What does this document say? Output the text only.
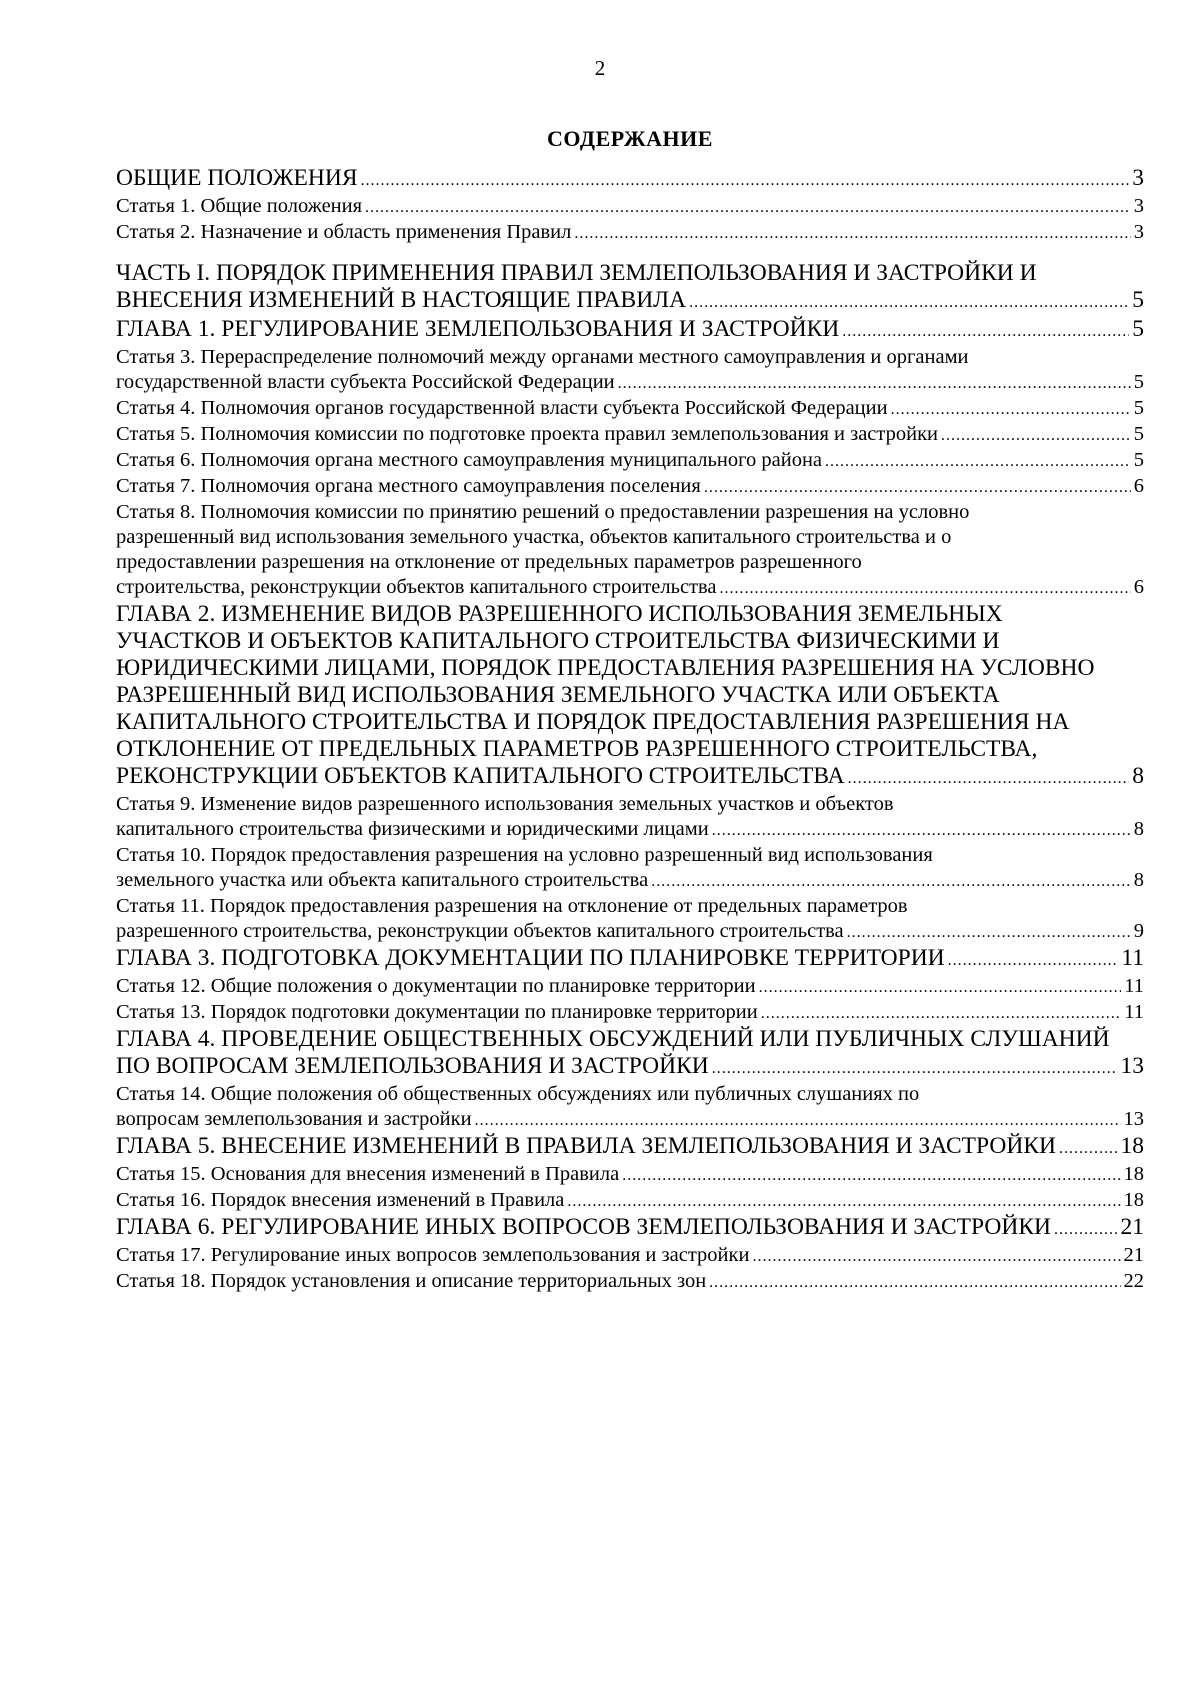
2
СОДЕРЖАНИЕ
ОБЩИЕ ПОЛОЖЕНИЯ .....	3
Статья 1. Общие положения .....	3
Статья 2. Назначение и область применения Правил .....	3
ЧАСТЬ I. ПОРЯДОК ПРИМЕНЕНИЯ ПРАВИЛ ЗЕМЛЕПОЛЬЗОВАНИЯ И ЗАСТРОЙКИ И
ВНЕСЕНИЯ ИЗМЕНЕНИЙ В НАСТОЯЩИЕ ПРАВИЛА .....	5
ГЛАВА 1. РЕГУЛИРОВАНИЕ ЗЕМЛЕПОЛЬЗОВАНИЯ И ЗАСТРОЙКИ .....	5
Статья 3. Перераспределение полномочий между органами местного самоуправления и органами
государственной власти субъекта Российской Федерации .....	5
Статья 4. Полномочия органов государственной власти субъекта Российской Федерации .....	5
Статья 5. Полномочия комиссии по подготовке проекта правил землепользования и застройки .....	5
Статья 6. Полномочия органа местного самоуправления муниципального района .....	5
Статья 7. Полномочия органа местного самоуправления поселения .....	6
Статья 8. Полномочия комиссии по принятию решений о предоставлении разрешения на условно
разрешенный вид использования земельного участка, объектов капитального строительства и о
предоставлении разрешения на отклонение от предельных параметров разрешенного
строительства, реконструкции объектов капитального строительства .....	6
ГЛАВА 2. ИЗМЕНЕНИЕ ВИДОВ РАЗРЕШЕННОГО ИСПОЛЬЗОВАНИЯ ЗЕМЕЛЬНЫХ
УЧАСТКОВ И ОБЪЕКТОВ КАПИТАЛЬНОГО СТРОИТЕЛЬСТВА ФИЗИЧЕСКИМИ И
ЮРИДИЧЕСКИМИ ЛИЦАМИ, ПОРЯДОК ПРЕДОСТАВЛЕНИЯ РАЗРЕШЕНИЯ НА УСЛОВНО
РАЗРЕШЕННЫЙ ВИД ИСПОЛЬЗОВАНИЯ ЗЕМЕЛЬНОГО УЧАСТКА ИЛИ ОБЪЕКТА
КАПИТАЛЬНОГО СТРОИТЕЛЬСТВА И ПОРЯДОК ПРЕДОСТАВЛЕНИЯ РАЗРЕШЕНИЯ НА
ОТКЛОНЕНИЕ ОТ ПРЕДЕЛЬНЫХ ПАРАМЕТРОВ РАЗРЕШЕННОГО СТРОИТЕЛЬСТВА,
РЕКОНСТРУКЦИИ ОБЪЕКТОВ КАПИТАЛЬНОГО СТРОИТЕЛЬСТВА .....	8
Статья 9. Изменение видов разрешенного использования земельных участков и объектов
капитального строительства физическими и юридическими лицами .....	8
Статья 10. Порядок предоставления разрешения на условно разрешенный вид использования
земельного участка или объекта капитального строительства .....	8
Статья 11. Порядок предоставления разрешения на отклонение от предельных параметров
разрешенного строительства, реконструкции объектов капитального строительства .....	9
ГЛАВА 3. ПОДГОТОВКА ДОКУМЕНТАЦИИ ПО ПЛАНИРОВКЕ ТЕРРИТОРИИ .....	11
Статья 12. Общие положения о документации по планировке территории .....	11
Статья 13. Порядок подготовки документации по планировке территории .....	11
ГЛАВА 4. ПРОВЕДЕНИЕ ОБЩЕСТВЕННЫХ ОБСУЖДЕНИЙ ИЛИ ПУБЛИЧНЫХ СЛУШАНИЙ
ПО ВОПРОСАМ ЗЕМЛЕПОЛЬЗОВАНИЯ И ЗАСТРОЙКИ .....	13
Статья 14. Общие положения об общественных обсуждениях или публичных слушаниях по
вопросам землепользования и застройки .....	13
ГЛАВА 5. ВНЕСЕНИЕ ИЗМЕНЕНИЙ В ПРАВИЛА ЗЕМЛЕПОЛЬЗОВАНИЯ И ЗАСТРОЙКИ .....	18
Статья 15. Основания для внесения изменений в Правила .....	18
Статья 16. Порядок внесения изменений в Правила .....	18
ГЛАВА 6. РЕГУЛИРОВАНИЕ ИНЫХ ВОПРОСОВ ЗЕМЛЕПОЛЬЗОВАНИЯ И ЗАСТРОЙКИ .....	21
Статья 17. Регулирование иных вопросов землепользования и застройки .....	21
Статья 18. Порядок установления и описание территориальных зон .....	22
